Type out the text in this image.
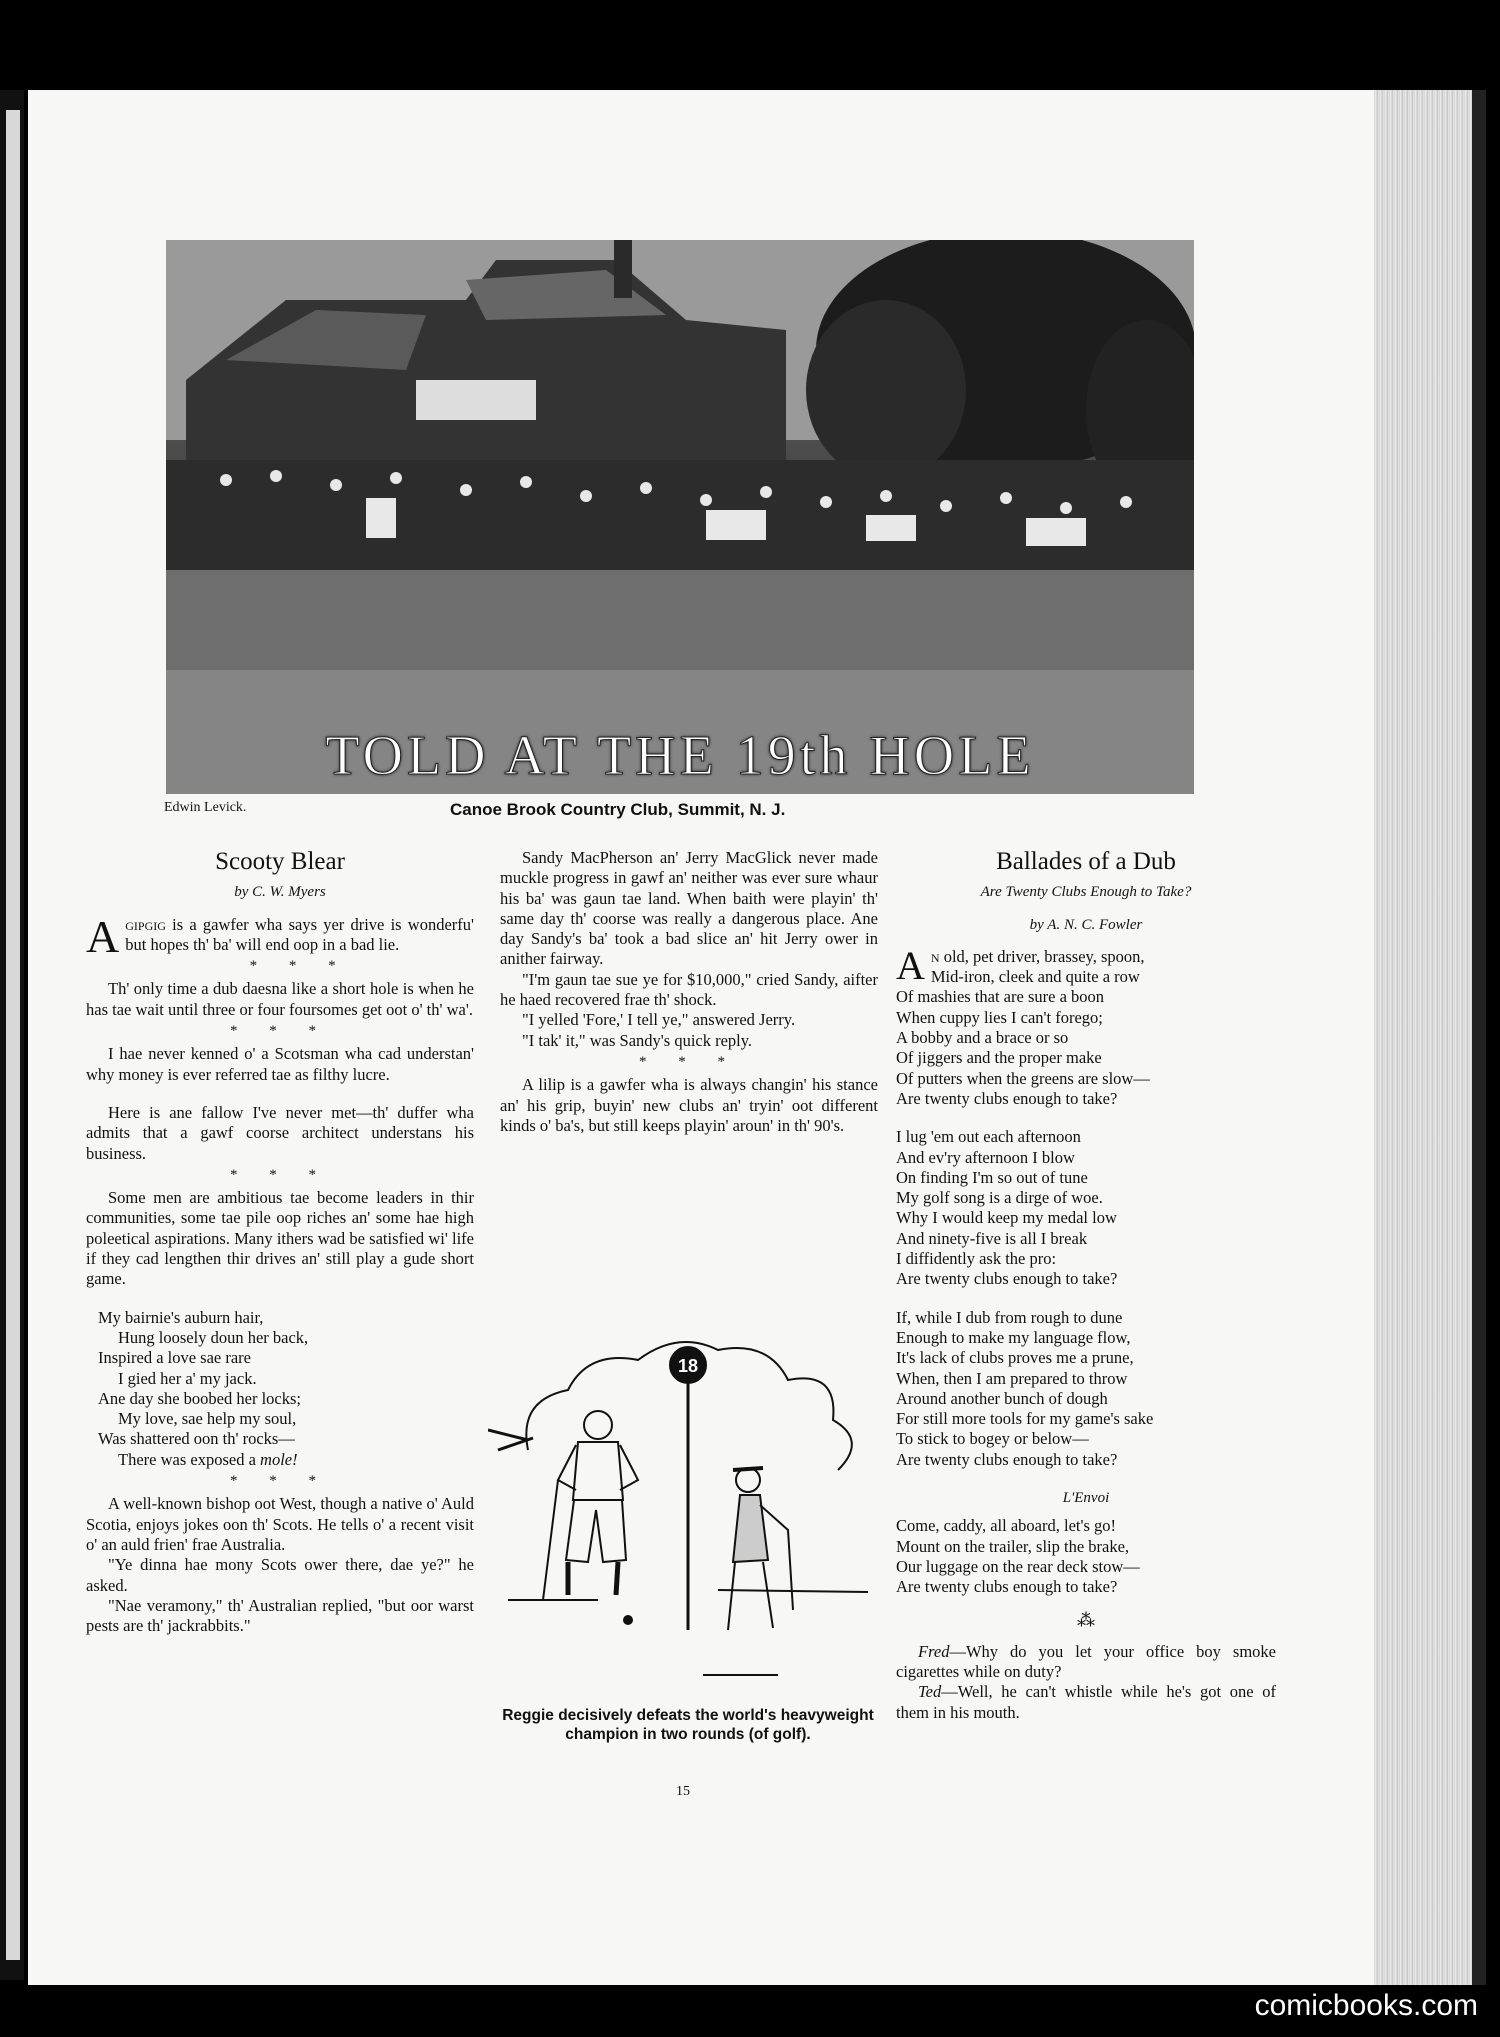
TOLD AT THE 19th HOLE
Edwin Levick.	Canoe Brook Country Club, Summit, N. J.
Scooty Blear
by C. W. Myers

Agipgig is a gawfer wha says yer drive is wonderfu' but hopes th' ba' will end oop in a bad lie.

* * *

Th' only time a dub daesna like a short hole is when he has tae wait until three or four foursomes get oot o' th' wa'.

* * *

I hae never kenned o' a Scotsman wha cad understan' why money is ever referred tae as filthy lucre.

Here is ane fallow I've never met—th' duffer wha admits that a gawf coorse architect understans his business.

* * *

Some men are ambitious tae become leaders in thir communities, some tae pile oop riches an' some hae high poleetical aspirations. Many ithers wad be satisfied wi' life if they cad lengthen thir drives an' still play a gude short game.

My bairnie's auburn hair,
Hung loosely doun her back,
Inspired a love sae rare
I gied her a' my jack.
Ane day she boobed her locks;
My love, sae help my soul,
Was shattered oon th' rocks—
There was exposed a mole!
* * *

A well-known bishop oot West, though a native o' Auld Scotia, enjoys jokes oon th' Scots. He tells o' a recent visit o' an auld frien' frae Australia.

"Ye dinna hae mony Scots ower there, dae ye?" he asked.

"Nae veramony," th' Australian replied, "but oor warst pests are th' jackrabbits."

Sandy MacPherson an' Jerry MacGlick never made muckle progress in gawf an' neither was ever sure whaur his ba' was gaun tae land. When baith were playin' th' same day th' coorse was really a dangerous place. Ane day Sandy's ba' took a bad slice an' hit Jerry ower in anither fairway.

"I'm gaun tae sue ye for $10,000," cried Sandy, aifter he haed recovered frae th' shock.

"I yelled 'Fore,' I tell ye," answered Jerry.

"I tak' it," was Sandy's quick reply.

* * *

A lilip is a gawfer wha is always changin' his stance an' his grip, buyin' new clubs an' tryin' oot different kinds o' ba's, but still keeps playin' aroun' in th' 90's.

18
Reggie decisively defeats the world's heavyweight champion in two rounds (of golf).
Ballades of a Dub
Are Twenty Clubs Enough to Take?
by A. N. C. Fowler
An old, pet driver, brassey, spoon,
Mid-iron, cleek and quite a row
Of mashies that are sure a boon
When cuppy lies I can't forego;
A bobby and a brace or so
Of jiggers and the proper make
Of putters when the greens are slow—
Are twenty clubs enough to take?
I lug 'em out each afternoon
And ev'ry afternoon I blow
On finding I'm so out of tune
My golf song is a dirge of woe.
Why I would keep my medal low
And ninety-five is all I break
I diffidently ask the pro:
Are twenty clubs enough to take?
If, while I dub from rough to dune
Enough to make my language flow,
It's lack of clubs proves me a prune,
When, then I am prepared to throw
Around another bunch of dough
For still more tools for my game's sake
To stick to bogey or below—
Are twenty clubs enough to take?
L'Envoi
Come, caddy, all aboard, let's go!
Mount on the trailer, slip the brake,
Our luggage on the rear deck stow—
Are twenty clubs enough to take?
⁂

Fred—Why do you let your office boy smoke cigarettes while on duty?

Ted—Well, he can't whistle while he's got one of them in his mouth.

15
comicbooks.com
